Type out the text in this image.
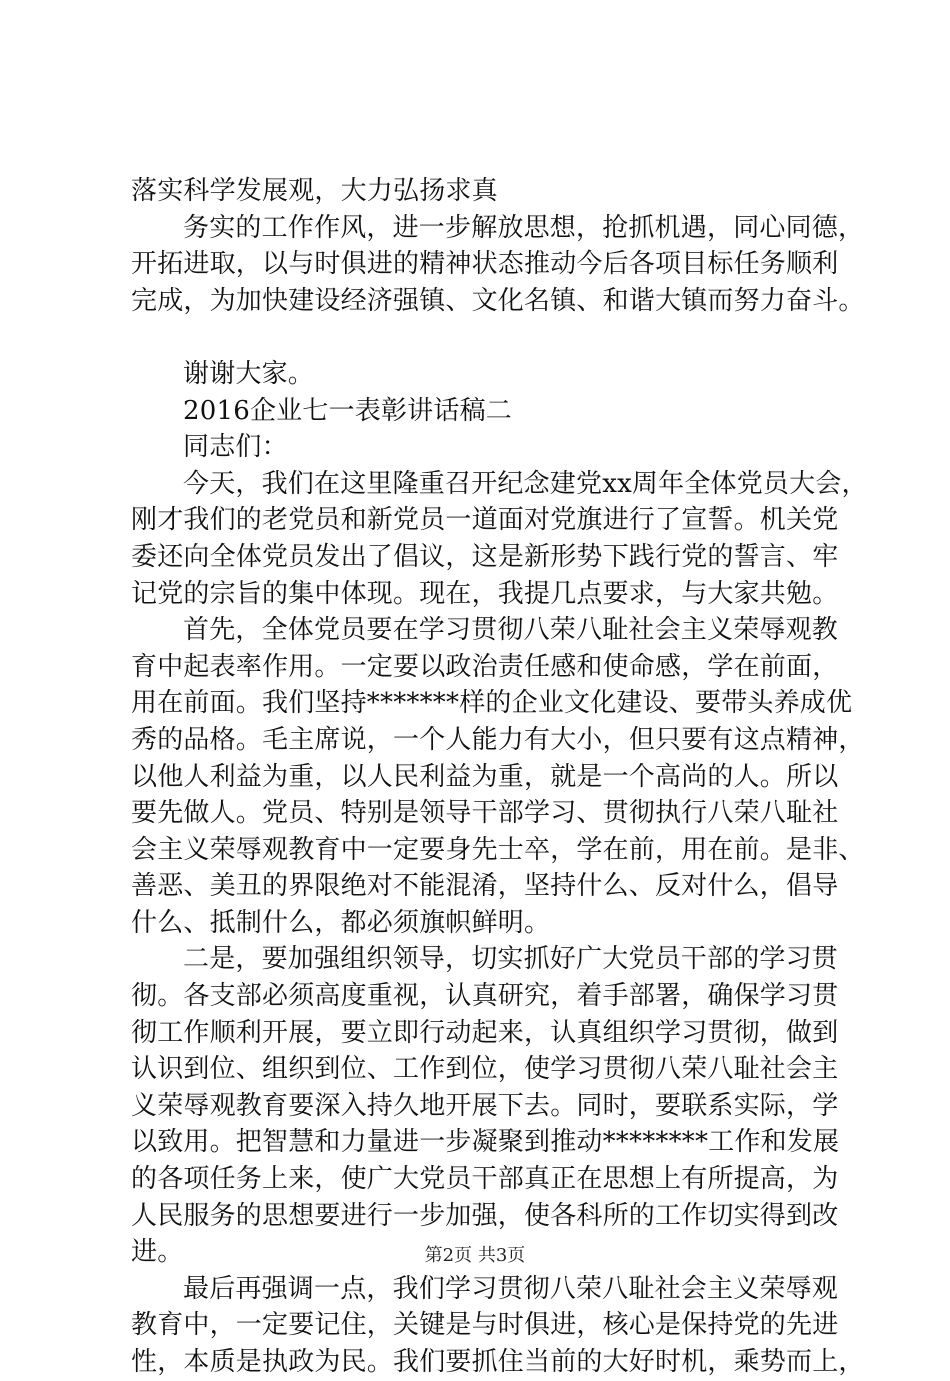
落实科学发展观，大力弘扬求真
务实的工作作风，进一步解放思想，抢抓机遇，同心同德，
开拓进取，以与时俱进的精神状态推动今后各项目标任务顺利
完成，为加快建设经济强镇、文化名镇、和谐大镇而努力奋斗。
谢谢大家。
2016企业七一表彰讲话稿二
同志们：
今天，我们在这里隆重召开纪念建党xx周年全体党员大会，
刚才我们的老党员和新党员一道面对党旗进行了宣誓。机关党
委还向全体党员发出了倡议，这是新形势下践行党的誓言、牢
记党的宗旨的集中体现。现在，我提几点要求，与大家共勉。
首先，全体党员要在学习贯彻八荣八耻社会主义荣辱观教
育中起表率作用。一定要以政治责任感和使命感，学在前面，
用在前面。我们坚持*******样的企业文化建设、要带头养成优
秀的品格。毛主席说，一个人能力有大小，但只要有这点精神，
以他人利益为重，以人民利益为重，就是一个高尚的人。所以
要先做人。党员、特别是领导干部学习、贯彻执行八荣八耻社
会主义荣辱观教育中一定要身先士卒，学在前，用在前。是非、
善恶、美丑的界限绝对不能混淆，坚持什么、反对什么，倡导
什么、抵制什么，都必须旗帜鲜明。
二是，要加强组织领导，切实抓好广大党员干部的学习贯
彻。各支部必须高度重视，认真研究，着手部署，确保学习贯
彻工作顺利开展，要立即行动起来，认真组织学习贯彻，做到
认识到位、组织到位、工作到位，使学习贯彻八荣八耻社会主
义荣辱观教育要深入持久地开展下去。同时，要联系实际，学
以致用。把智慧和力量进一步凝聚到推动********工作和发展
的各项任务上来，使广大党员干部真正在思想上有所提高，为
人民服务的思想要进行一步加强，使各科所的工作切实得到改
进。
最后再强调一点，我们学习贯彻八荣八耻社会主义荣辱观
教育中，一定要记住，关键是与时俱进，核心是保持党的先进
性，本质是执政为民。我们要抓住当前的大好时机，乘势而上，
第2页 共3页
